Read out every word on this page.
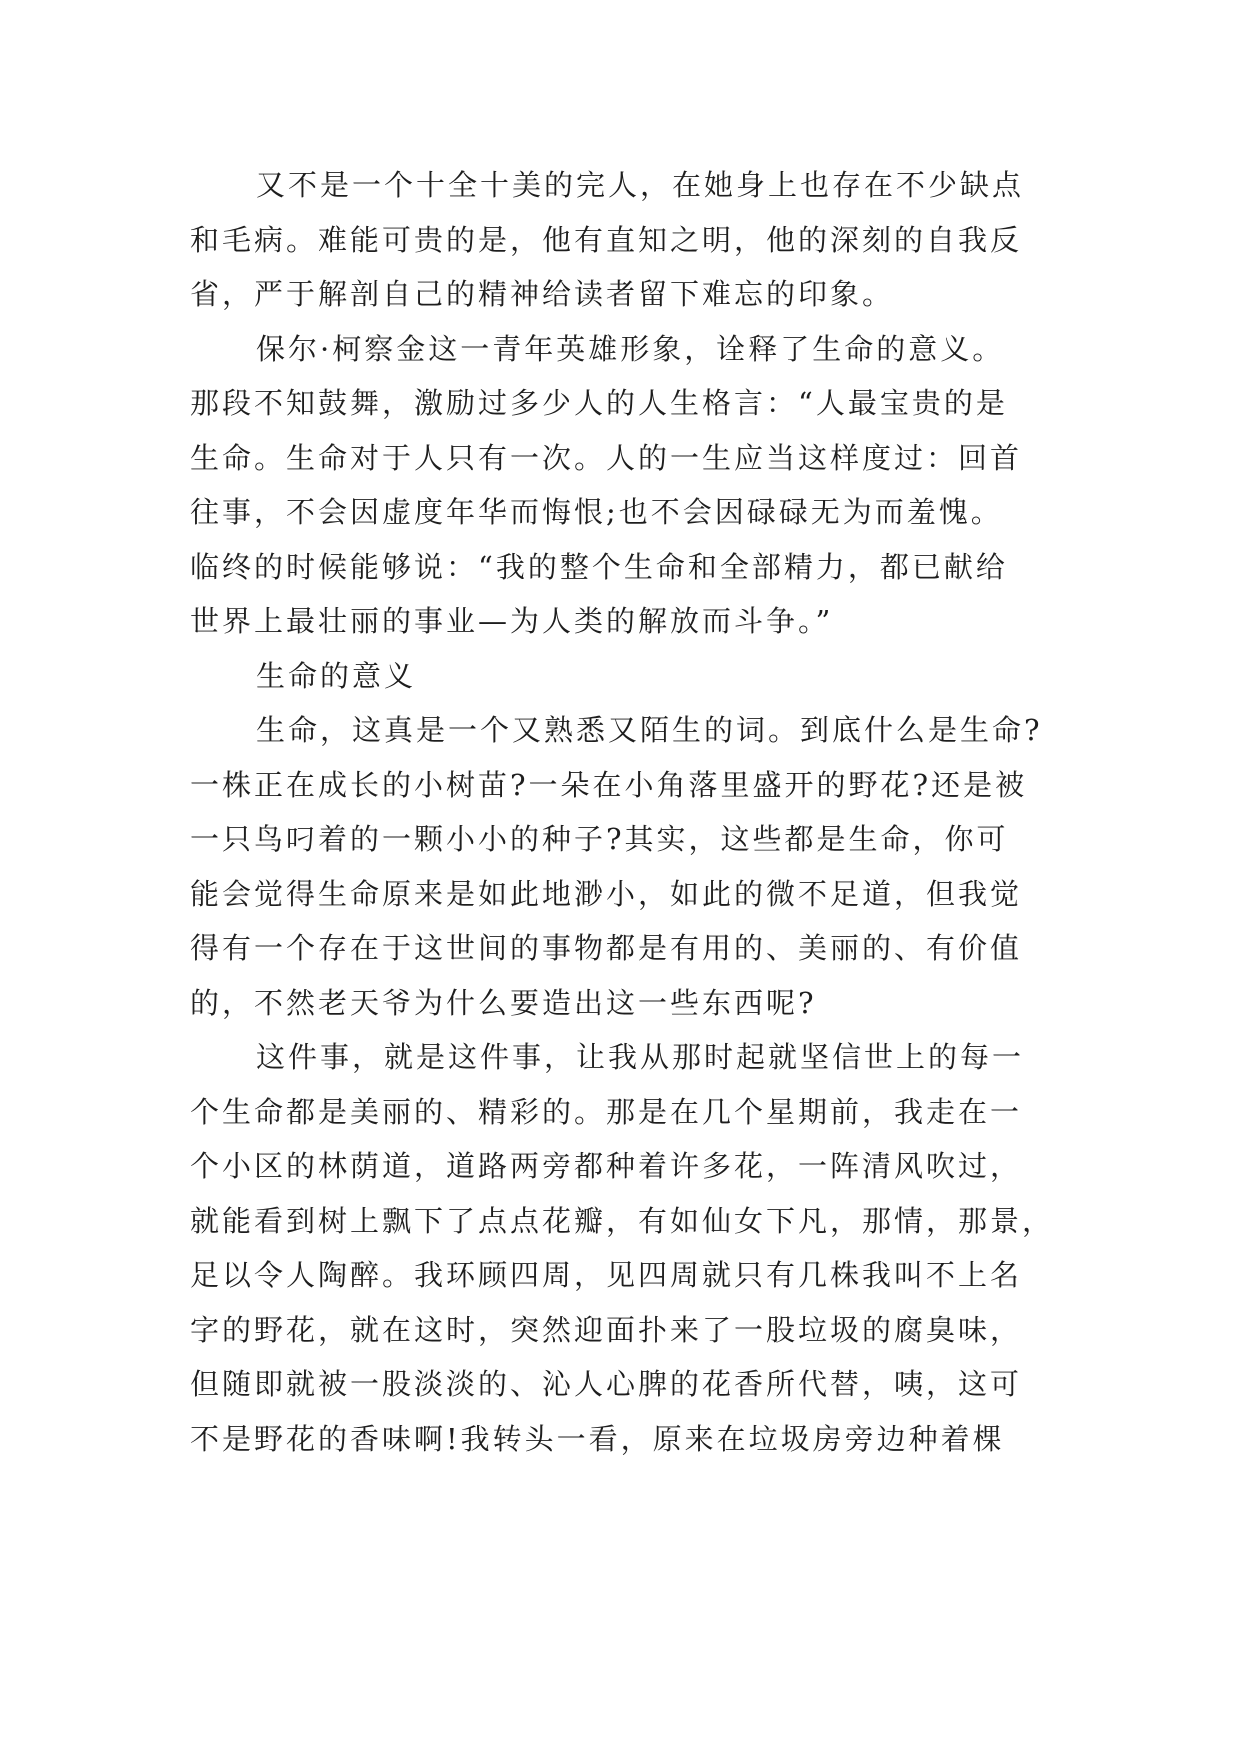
又不是一个十全十美的完人，在她身上也存在不少缺点
和毛病。难能可贵的是，他有直知之明，他的深刻的自我反
省，严于解剖自己的精神给读者留下难忘的印象。
保尔·柯察金这一青年英雄形象，诠释了生命的意义。
那段不知鼓舞，激励过多少人的人生格言：“人最宝贵的是
生命。生命对于人只有一次。人的一生应当这样度过：回首
往事，不会因虚度年华而悔恨;也不会因碌碌无为而羞愧。
临终的时候能够说：“我的整个生命和全部精力，都已献给
世界上最壮丽的事业—为人类的解放而斗争。”
生命的意义
生命，这真是一个又熟悉又陌生的词。到底什么是生命?
一株正在成长的小树苗?一朵在小角落里盛开的野花?还是被
一只鸟叼着的一颗小小的种子?其实，这些都是生命，你可
能会觉得生命原来是如此地渺小，如此的微不足道，但我觉
得有一个存在于这世间的事物都是有用的、美丽的、有价值
的，不然老天爷为什么要造出这一些东西呢?
这件事，就是这件事，让我从那时起就坚信世上的每一
个生命都是美丽的、精彩的。那是在几个星期前，我走在一
个小区的林荫道，道路两旁都种着许多花，一阵清风吹过，
就能看到树上飘下了点点花瓣，有如仙女下凡，那情，那景，
足以令人陶醉。我环顾四周，见四周就只有几株我叫不上名
字的野花，就在这时，突然迎面扑来了一股垃圾的腐臭味，
但随即就被一股淡淡的、沁人心脾的花香所代替，咦，这可
不是野花的香味啊!我转头一看，原来在垃圾房旁边种着棵
